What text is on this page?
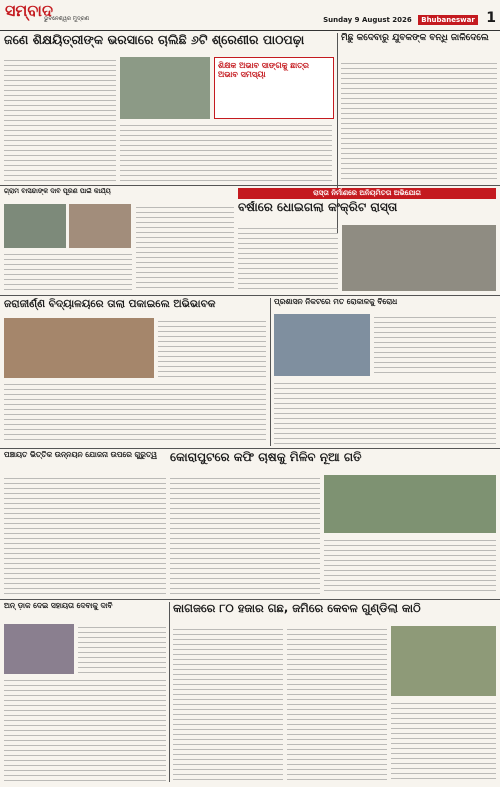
ସମ୍ବାଦ
ଭୁବନେଶ୍ୱର ମୁଦ୍ରଣ	Sunday 9 August 2026 Bhubaneswar 1
ଜଣେ ଶିକ୍ଷୟିତ୍ରୀଙ୍କ ଭରସାରେ ଚାଲିଛି ୬ଟି ଶ୍ରେଣୀର ପାଠପଢ଼ା
ଶିକ୍ଷକ ଅଭାବ ସାଙ୍ଗକୁ ଛାତ୍ର ଅଭାବ ସମସ୍ୟା
ମିଛୁ କଦେବାରୁ ଯୁବକଙ୍କ ବନ୍ଧି ଜାଳିଦେଲେ
ଗ୍ରାମ ବାସିନ୍ଦାଙ୍କ ଦାବି ପୂରଣ ପାଇଁ କାର୍ଯ୍ୟ	ରାସ୍ତା ନିର୍ମାଣରେ ଅନିୟମିତତା ଅଭିଯୋଗ
ବର୍ଷାରେ ଧୋଇଗଲା କଂକ୍ରିଟ ରାସ୍ତା
ଜରାଜୀର୍ଣ୍ଣ ବିଦ୍ୟାଳୟରେ ତାଲା ପକାଇଲେ ଅଭିଭାବକ	ପ୍ରଶାସନ ନିକଟରେ ମତ ରୋକାଳକୁ ବିରୋଧ
ପଞ୍ଚାୟତ ଭିତ୍ତିକ ଉନ୍ନୟନ ଯୋଜନା ଉପରେ ଗୁରୁତ୍ୱ	କୋରାପୁଟରେ କଫି ଚାଷକୁ ମିଳିବ ନୂଆ ଗତି
ଅନ୍ ଡ଼ାକ ଦେଇ ସହାୟତା ଦେବାକୁ ଦାବି	କାଗଜରେ ୮୦ ହଜାର ଗଛ, ଜମିରେ କେବଳ ଗୁଣ୍ଡିଲା କାଠି
